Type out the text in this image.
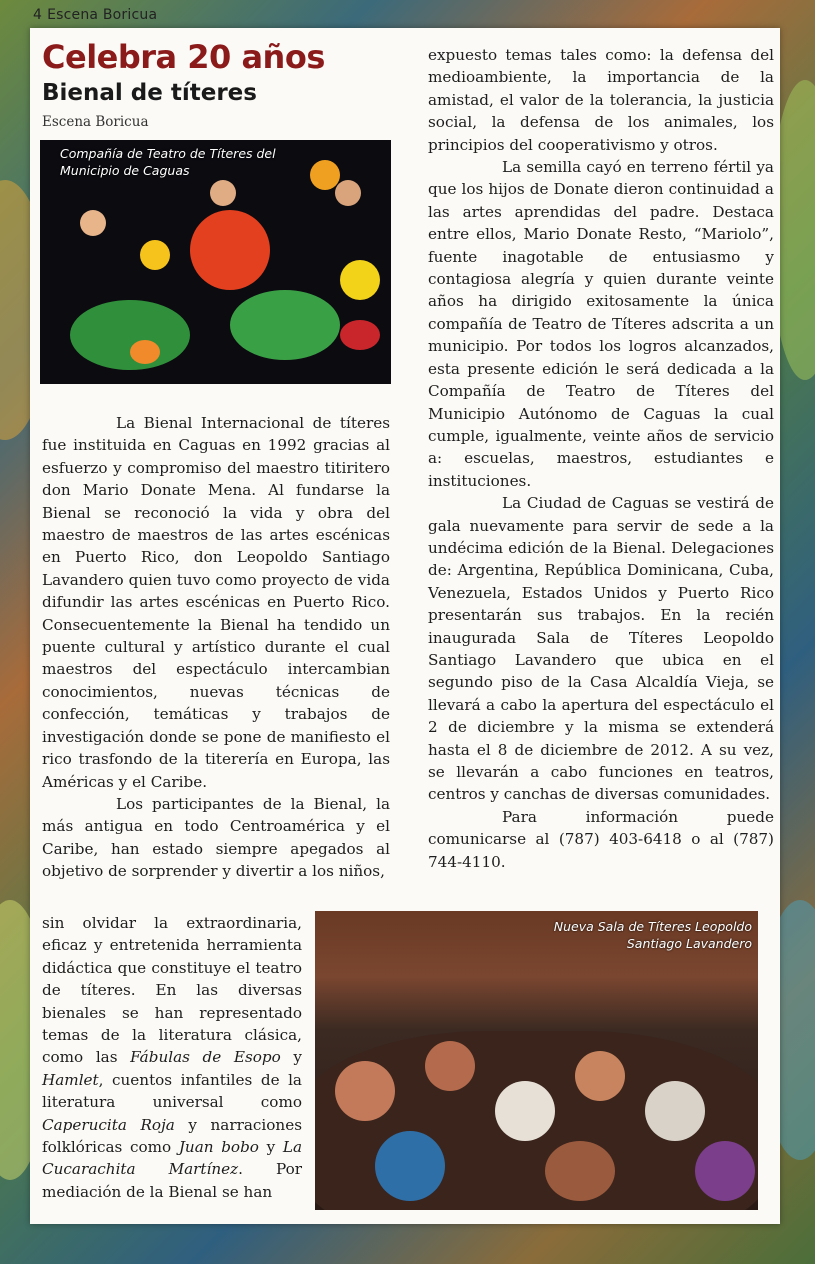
4 Escena Boricua
Celebra 20 años
Bienal de títeres
Escena Boricua
Compañía de Teatro de Títeres del Municipio de Caguas

La Bienal Internacional de títeres fue instituida en Caguas en 1992 gracias al esfuerzo y compromiso del maestro titiritero don Mario Donate Mena. Al fundarse la Bienal se reconoció la vida y obra del maestro de maestros de las artes escénicas en Puerto Rico, don Leopoldo Santiago Lavandero quien tuvo como proyecto de vida difundir las artes escénicas en Puerto Rico. Consecuentemente la Bienal ha tendido un puente cultural y artístico durante el cual maestros del espectáculo intercambian conocimientos, nuevas técnicas de confección, temáticas y trabajos de investigación donde se pone de manifiesto el rico trasfondo de la titerería en Europa, las Américas y el Caribe.

Los participantes de la Bienal, la más antigua en todo Centroamérica y el Caribe, han estado siempre apegados al objetivo de sorprender y divertir a los niños,

sin olvidar la extraordinaria, eficaz y entretenida herramienta didáctica que constituye el teatro de títeres. En las diversas bienales se han representado temas de la literatura clásica, como las Fábulas de Esopo y Hamlet, cuentos infantiles de la literatura universal como Caperucita Roja y narraciones folklóricas como Juan bobo y La Cucarachita Martínez. Por mediación de la Bienal se han

expuesto temas tales como: la defensa del medioambiente, la importancia de la amistad, el valor de la tolerancia, la justicia social, la defensa de los animales, los principios del cooperativismo y otros.

La semilla cayó en terreno fértil ya que los hijos de Donate dieron continuidad a las artes aprendidas del padre. Destaca entre ellos, Mario Donate Resto, “Mariolo”, fuente inagotable de entusiasmo y contagiosa alegría y quien durante veinte años ha dirigido exitosamente la única compañía de Teatro de Títeres adscrita a un municipio. Por todos los logros alcanzados, esta presente edición le será dedicada a la Compañía de Teatro de Títeres del Municipio Autónomo de Caguas la cual cumple, igualmente, veinte años de servicio a: escuelas, maestros, estudiantes e instituciones.

La Ciudad de Caguas se vestirá de gala nuevamente para servir de sede a la undécima edición de la Bienal. Delegaciones de: Argentina, República Dominicana, Cuba, Venezuela, Estados Unidos y Puerto Rico presentarán sus trabajos. En la recién inaugurada Sala de Títeres Leopoldo Santiago Lavandero que ubica en el segundo piso de la Casa Alcaldía Vieja, se llevará a cabo la apertura del espectáculo el 2 de diciembre y la misma se extenderá hasta el 8 de diciembre de 2012. A su vez, se llevarán a cabo funciones en teatros, centros y canchas de diversas comunidades.

Para	información	puede

comunicarse al (787) 403-6418 o al (787) 744-4110.

Nueva Sala de Títeres Leopoldo Santiago Lavandero
